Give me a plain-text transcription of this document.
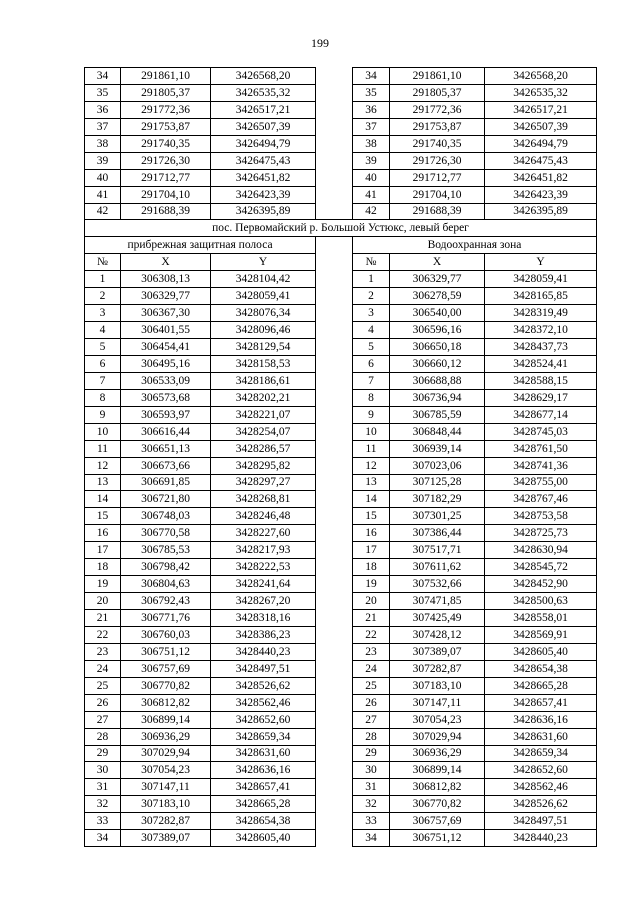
199
34	291861,10	3426568,20		34	291861,10	3426568,20
35	291805,37	3426535,32		35	291805,37	3426535,32
36	291772,36	3426517,21		36	291772,36	3426517,21
37	291753,87	3426507,39		37	291753,87	3426507,39
38	291740,35	3426494,79		38	291740,35	3426494,79
39	291726,30	3426475,43		39	291726,30	3426475,43
40	291712,77	3426451,82		40	291712,77	3426451,82
41	291704,10	3426423,39		41	291704,10	3426423,39
42	291688,39	3426395,89		42	291688,39	3426395,89
пос. Первомайский р. Большой Устюкс, левый берег						
прибрежная защитная полоса				Водоохранная зона		
№	X	Y		№	X	Y
1	306308,13	3428104,42		1	306329,77	3428059,41
2	306329,77	3428059,41		2	306278,59	3428165,85
3	306367,30	3428076,34		3	306540,00	3428319,49
4	306401,55	3428096,46		4	306596,16	3428372,10
5	306454,41	3428129,54		5	306650,18	3428437,73
6	306495,16	3428158,53		6	306660,12	3428524,41
7	306533,09	3428186,61		7	306688,88	3428588,15
8	306573,68	3428202,21		8	306736,94	3428629,17
9	306593,97	3428221,07		9	306785,59	3428677,14
10	306616,44	3428254,07		10	306848,44	3428745,03
11	306651,13	3428286,57		11	306939,14	3428761,50
12	306673,66	3428295,82		12	307023,06	3428741,36
13	306691,85	3428297,27		13	307125,28	3428755,00
14	306721,80	3428268,81		14	307182,29	3428767,46
15	306748,03	3428246,48		15	307301,25	3428753,58
16	306770,58	3428227,60		16	307386,44	3428725,73
17	306785,53	3428217,93		17	307517,71	3428630,94
18	306798,42	3428222,53		18	307611,62	3428545,72
19	306804,63	3428241,64		19	307532,66	3428452,90
20	306792,43	3428267,20		20	307471,85	3428500,63
21	306771,76	3428318,16		21	307425,49	3428558,01
22	306760,03	3428386,23		22	307428,12	3428569,91
23	306751,12	3428440,23		23	307389,07	3428605,40
24	306757,69	3428497,51		24	307282,87	3428654,38
25	306770,82	3428526,62		25	307183,10	3428665,28
26	306812,82	3428562,46		26	307147,11	3428657,41
27	306899,14	3428652,60		27	307054,23	3428636,16
28	306936,29	3428659,34		28	307029,94	3428631,60
29	307029,94	3428631,60		29	306936,29	3428659,34
30	307054,23	3428636,16		30	306899,14	3428652,60
31	307147,11	3428657,41		31	306812,82	3428562,46
32	307183,10	3428665,28		32	306770,82	3428526,62
33	307282,87	3428654,38		33	306757,69	3428497,51
34	307389,07	3428605,40		34	306751,12	3428440,23
